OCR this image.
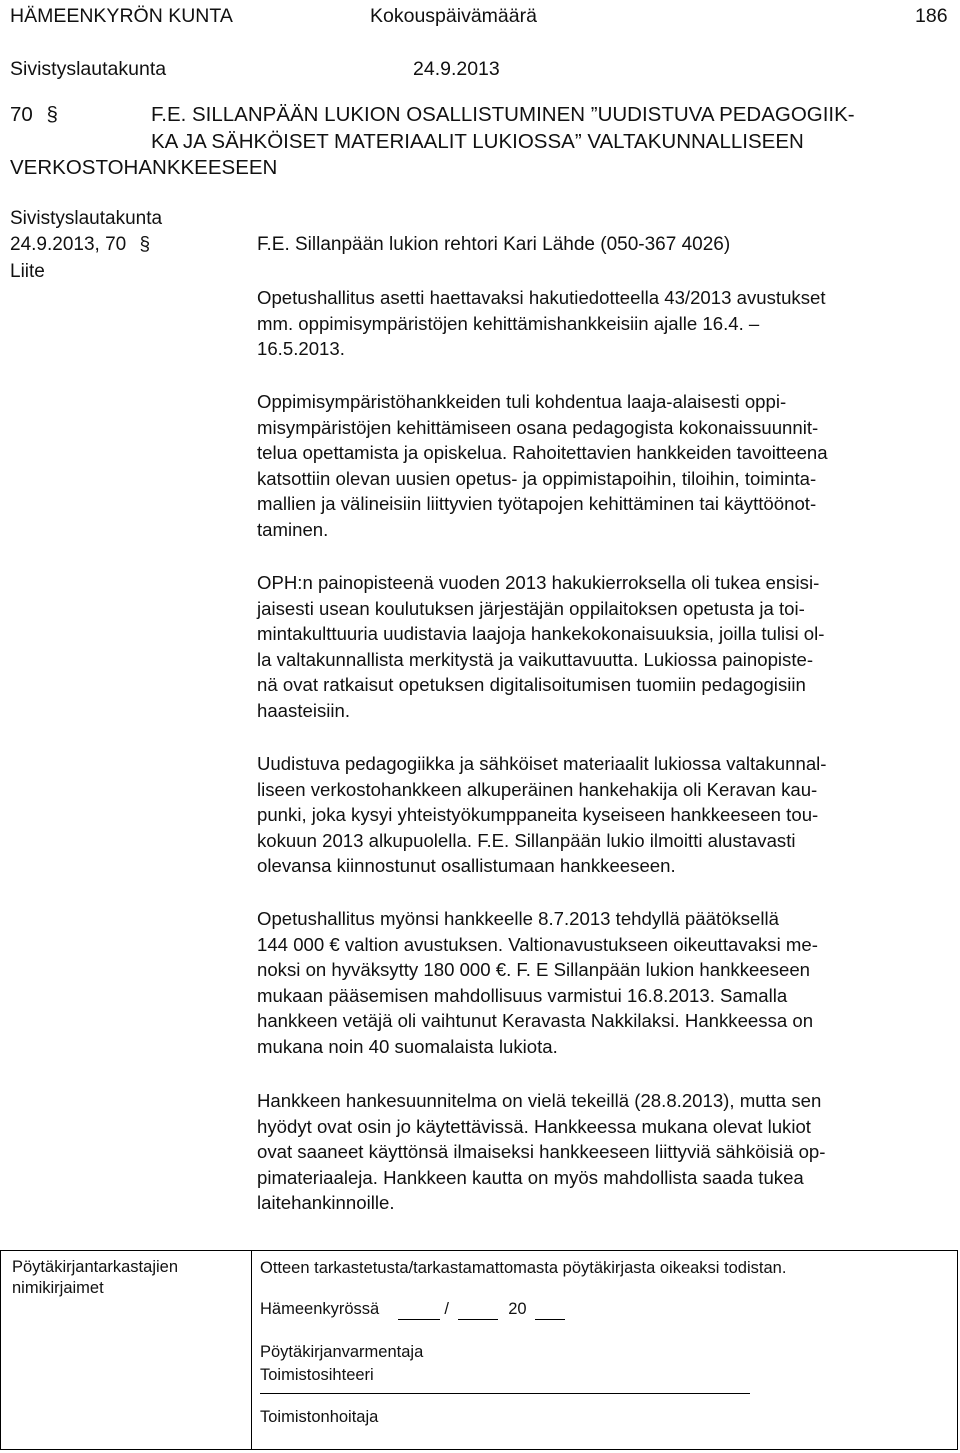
HÄMEENKYRÖN KUNTA	Kokouspäivämäärä	186
Sivistyslautakunta	24.9.2013
70 §	F.E. SILLANPÄÄN LUKION OSALLISTUMINEN ”UUDISTUVA PEDAGOGIIK-
KA JA SÄHKÖISET MATERIAALIT LUKIOSSA” VALTAKUNNALLISEEN
VERKOSTOHANKKEESEEN
Sivistyslautakunta
24.9.2013, 70 §
Liite
F.E. Sillanpään lukion rehtori Kari Lähde (050-367 4026)
Opetushallitus asetti haettavaksi hakutiedotteella 43/2013 avustukset
mm. oppimisympäristöjen kehittämishankkeisiin ajalle 16.4. –
16.5.2013.
Oppimisympäristöhankkeiden tuli kohdentua laaja-alaisesti oppi-
misympäristöjen kehittämiseen osana pedagogista kokonaissuunnit-
telua opettamista ja opiskelua. Rahoitettavien hankkeiden tavoitteena
katsottiin olevan uusien opetus- ja oppimistapoihin, tiloihin, toiminta-
mallien ja välineisiin liittyvien työtapojen kehittäminen tai käyttöönot-
taminen.
OPH:n painopisteenä vuoden 2013 hakukierroksella oli tukea ensisi-
jaisesti usean koulutuksen järjestäjän oppilaitoksen opetusta ja toi-
mintakulttuuria uudistavia laajoja hankekokonaisuuksia, joilla tulisi ol-
la valtakunnallista merkitystä ja vaikuttavuutta. Lukiossa painopiste-
nä ovat ratkaisut opetuksen digitalisoitumisen tuomiin pedagogisiin
haasteisiin.
Uudistuva pedagogiikka ja sähköiset materiaalit lukiossa valtakunnal-
liseen verkostohankkeen alkuperäinen hankehakija oli Keravan kau-
punki, joka kysyi yhteistyökumppaneita kyseiseen hankkeeseen tou-
kokuun 2013 alkupuolella. F.E. Sillanpään lukio ilmoitti alustavasti
olevansa kiinnostunut osallistumaan hankkeeseen.
Opetushallitus myönsi hankkeelle 8.7.2013 tehdyllä päätöksellä
144 000 € valtion avustuksen. Valtionavustukseen oikeuttavaksi me-
noksi on hyväksytty 180 000 €. F. E Sillanpään lukion hankkeeseen
mukaan pääsemisen mahdollisuus varmistui 16.8.2013. Samalla
hankkeen vetäjä oli vaihtunut Keravasta Nakkilaksi. Hankkeessa on
mukana noin 40 suomalaista lukiota.
Hankkeen hankesuunnitelma on vielä tekeillä (28.8.2013), mutta sen
hyödyt ovat osin jo käytettävissä. Hankkeessa mukana olevat lukiot
ovat saaneet käyttönsä ilmaiseksi hankkeeseen liittyviä sähköisiä op-
pimateriaaleja. Hankkeen kautta on myös mahdollista saada tukea
laitehankinnoille.
Pöytäkirjantarkastajien
nimikirjaimet
Otteen tarkastetusta/tarkastamattomasta pöytäkirjasta oikeaksi todistan.
Hämeenkyrössä	/	20
Pöytäkirjanvarmentaja
Toimistosihteeri
Toimistonhoitaja
